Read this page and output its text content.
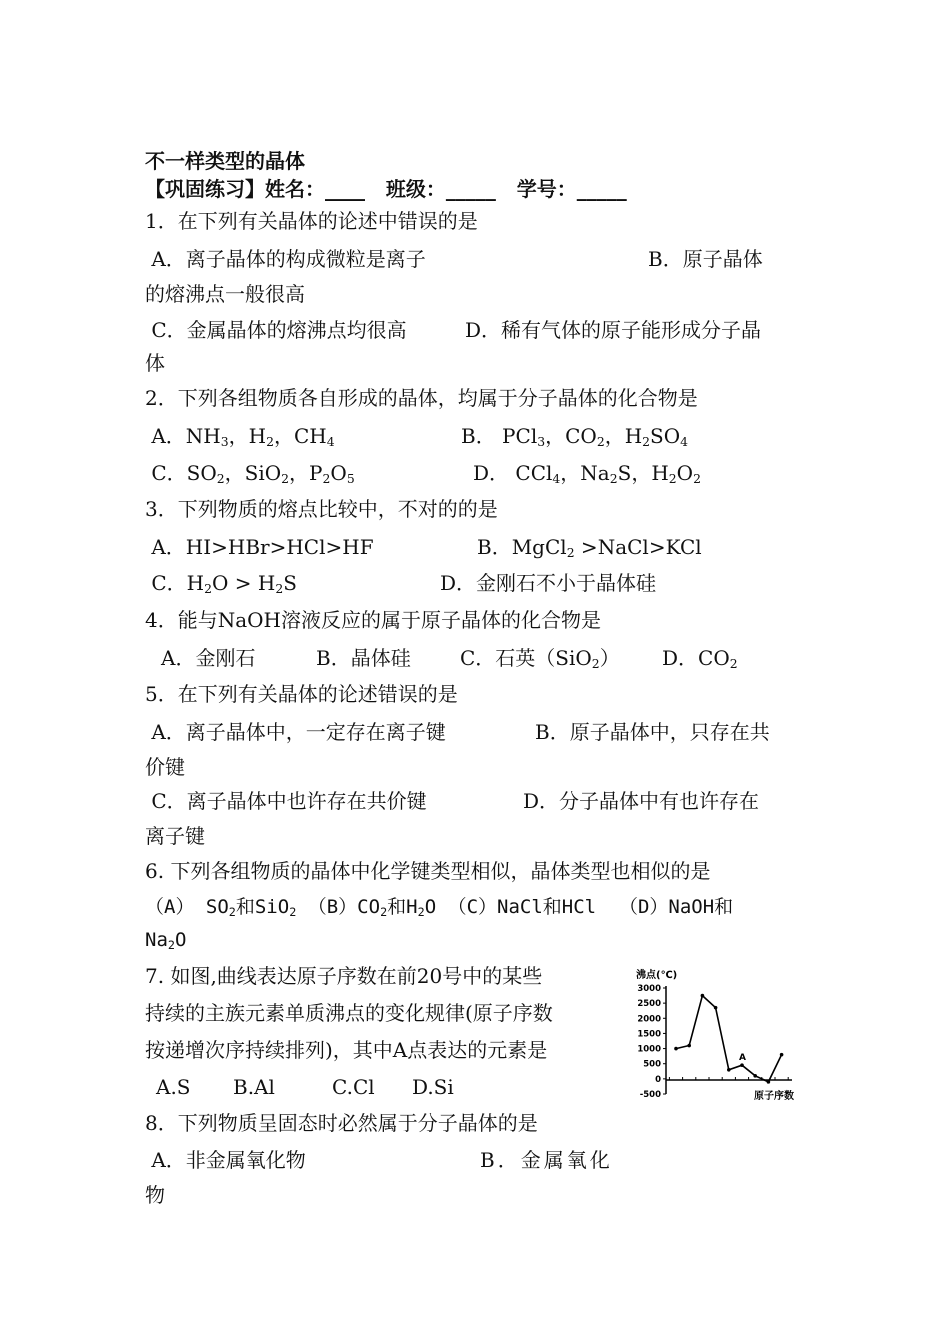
不一样类型的晶体
【巩固练习】姓名：____   班级：_____   学号：_____
1．在下列有关晶体的论述中错误的是
A．离子晶体的构成微粒是离子	B．原子晶体
的熔沸点一般很高
C．金属晶体的熔沸点均很高	D．稀有气体的原子能形成分子晶
体
2．下列各组物质各自形成的晶体，均属于分子晶体的化合物是
A．$NH_3$，$H_2$，$CH_4$	B． PCl$_3$，$CO_2$，$H_2SO_4$
C．$SO_2$，SiO$_2$，$P_2O_5$	D． CCl$_4$，$Na_2S$，$H_2O_2$
3．下列物质的熔点比较中，不对的的是
A．HI>HBr>HCl>HF	B．MgCl$_2$ >NaCl>KCl
C．$H_2O > H_2S$	D．金刚石不小于晶体硅
4．能与NaOH溶液反应的属于原子晶体的化合物是
A．金刚石	B．晶体硅 C．石英（SiO$_2$） D．$CO_2$
5．在下列有关晶体的论述错误的是
A．离子晶体中，一定存在离子键	B．原子晶体中，只存在共
价键
C．离子晶体中也许存在共价键	D．分子晶体中有也许存在
离子键
6. 下列各组物质的晶体中化学键类型相似，晶体类型也相似的是
（A） $SO_2$和SiO$_2$ $(B)CO_2$和$H_2O$ （C）NaCl和HCl  （D）NaOH和
$Na_2O$
7. 如图,曲线表达原子序数在前20号中的某些
持续的主族元素单质沸点的变化规律(原子序数
按递增次序持续排列)，其中A点表达的元素是
A.S B.Al	C.Cl D.Si
沸点(℃)
3000
2500
2000
1500
1000
500
0
-500
A
原子序数
8．下列物质呈固态时必然属于分子晶体的是
A．非金属氧化物	B．金属氧化
物
